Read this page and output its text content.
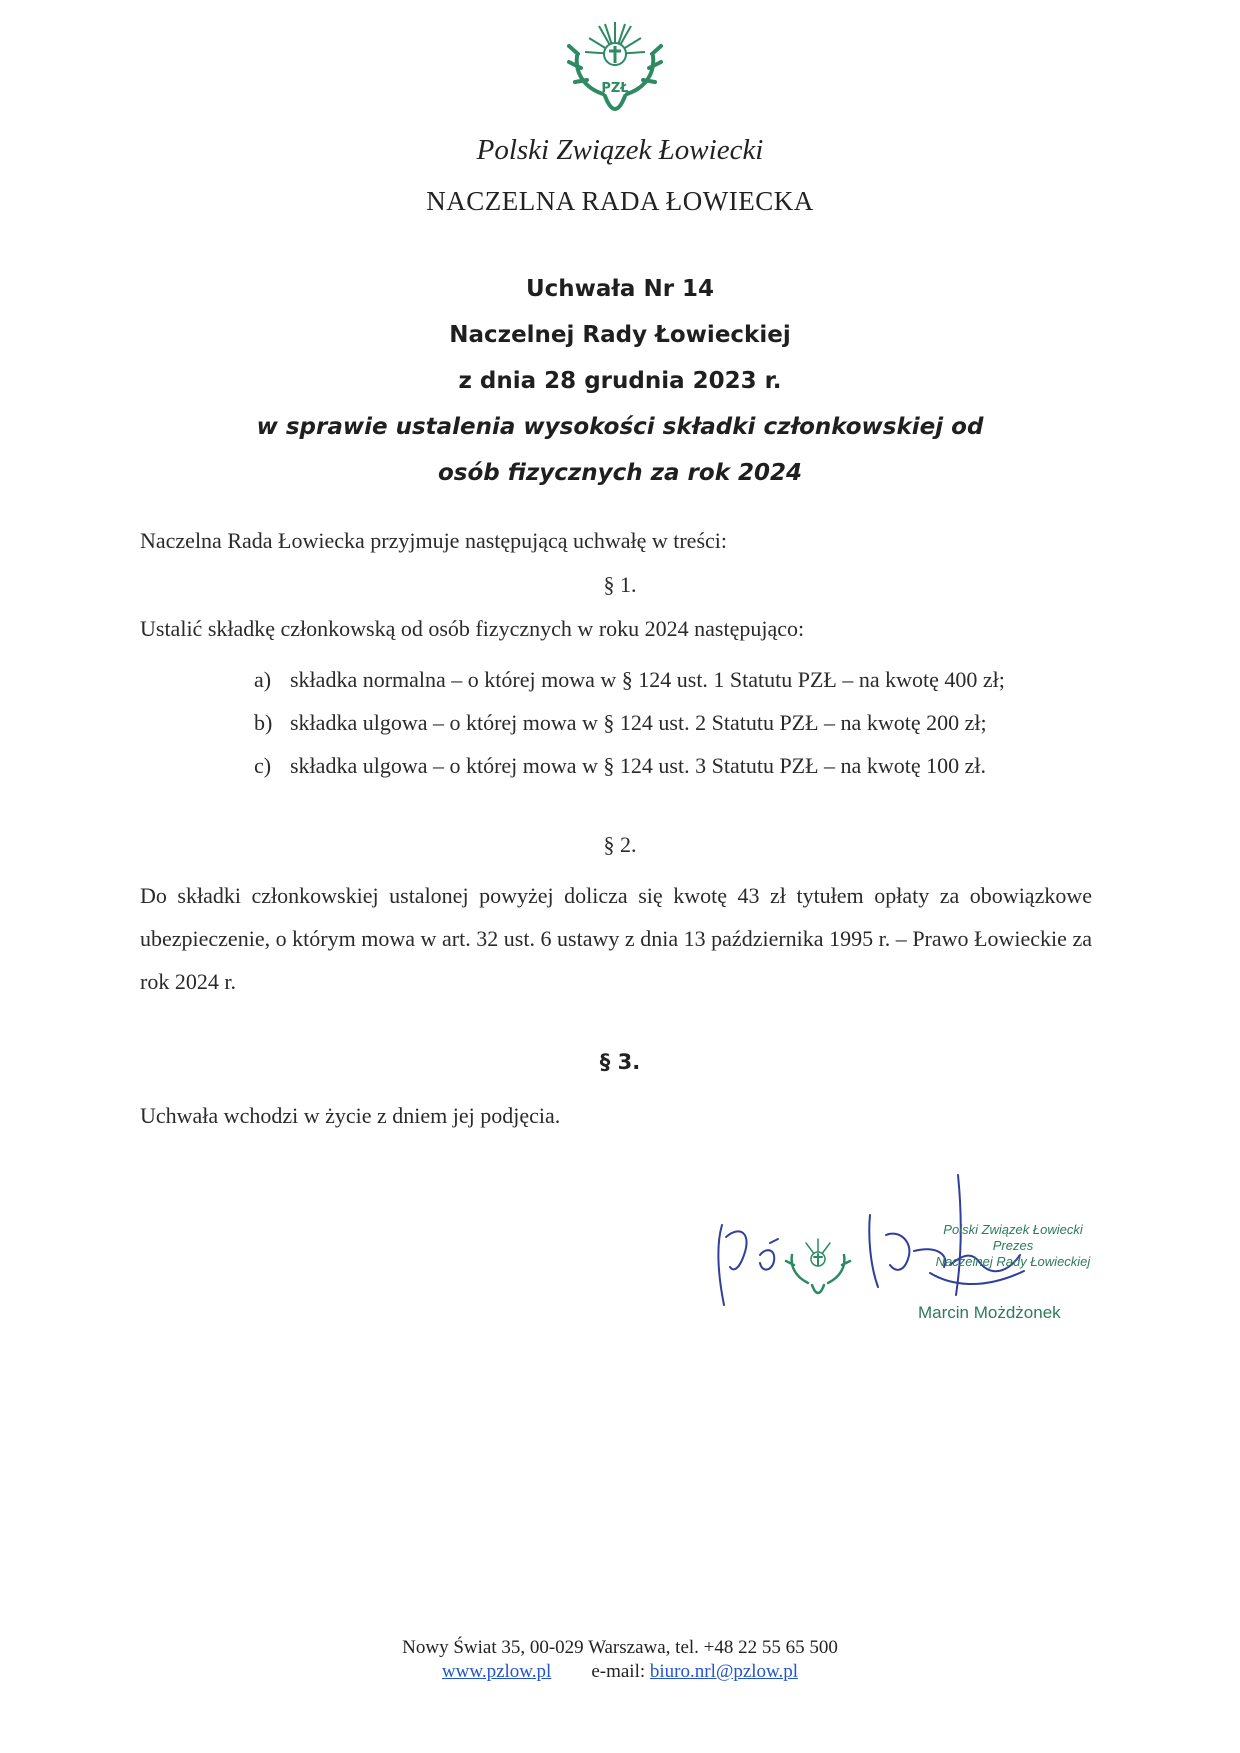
PZŁ
Polski Związek Łowiecki
NACZELNA RADA ŁOWIECKA
Uchwała Nr 14
Naczelnej Rady Łowieckiej
z dnia 28 grudnia 2023 r.
w sprawie ustalenia wysokości składki członkowskiej od
osób fizycznych za rok 2024
Naczelna Rada Łowiecka przyjmuje następującą uchwałę w treści:
§ 1.
Ustalić składkę członkowską od osób fizycznych w roku 2024 następująco:
a) składka normalna – o której mowa w § 124 ust. 1 Statutu PZŁ – na kwotę 400 zł;
b) składka ulgowa – o której mowa w § 124 ust. 2 Statutu PZŁ – na kwotę 200 zł;
c) składka ulgowa – o której mowa w § 124 ust. 3 Statutu PZŁ – na kwotę 100 zł.
§ 2.
Do składki członkowskiej ustalonej powyżej dolicza się kwotę 43 zł tytułem opłaty za obowiązkowe ubezpieczenie, o którym mowa w art. 32 ust. 6 ustawy z dnia 13 października 1995 r. – Prawo Łowieckie za rok 2024 r.
§ 3.
Uchwała wchodzi w życie z dniem jej podjęcia.
Polski Związek Łowiecki
Prezes
Naczelnej Rady Łowieckiej
Marcin Możdżonek
Nowy Świat 35, 00-029 Warszawa, tel. +48 22 55 65 500
www.pzlow.pl e-mail: biuro.nrl@pzlow.pl
